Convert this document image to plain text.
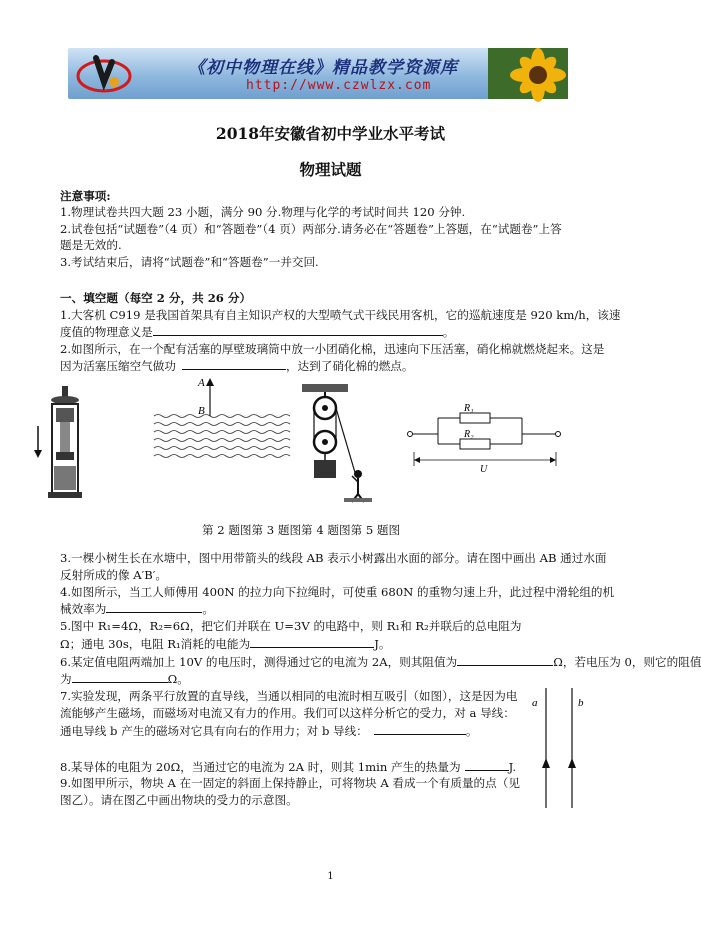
《初中物理在线》精品教学资源库
http://www.czwlzx.com
2018年安徽省初中学业水平考试
物理试题
注意事项:
1.物理试卷共四大题 23 小题，满分 90 分.物理与化学的考试时间共 120 分钟.
2.试卷包括“试题卷”（4 页）和“答题卷”（4 页）两部分.请务必在“答题卷”上答题，在“试题卷”上答
题是无效的.
3.考试结束后，请将“试题卷”和“答题卷”一并交回.
一、填空题（每空 2 分，共 26 分）
1.大客机 C919 是我国首架具有自主知识产权的大型喷气式干线民用客机，它的巡航速度是 920 km/h，该速
度值的物理意义是	。
2.如图所示，在一个配有活塞的厚壁玻璃筒中放一小团硝化棉，迅速向下压活塞，硝化棉就燃烧起来。这是
因为活塞压缩空气做功	，达到了硝化棉的燃点。
A
B	R₁
R₂
U
第 2 题图第 3 题图第 4 题图第 5 题图
3.一棵小树生长在水塘中，图中用带箭头的线段 AB 表示小树露出水面的部分。请在图中画出 AB 通过水面
反射所成的像 A′B′。
4.如图所示，当工人师傅用 400N 的拉力向下拉绳时，可使重 680N 的重物匀速上升，此过程中滑轮组的机
械效率为	。
5.图中 R₁=4Ω，R₂=6Ω，把它们并联在 U=3V 的电路中，则 R₁和 R₂并联后的总电阻为
Ω；通电 30s，电阻 R₁消耗的电能为	J。
6.某定值电阻两端加上 10V 的电压时，测得通过它的电流为 2A，则其阻值为	Ω，若电压为 0，则它的阻值
为	Ω。
7.实验发现，两条平行放置的直导线，当通以相同的电流时相互吸引（如图），这是因为电
流能够产生磁场，而磁场对电流又有力的作用。我们可以这样分析它的受力，对 a 导线：
通电导线 b 产生的磁场对它具有向右的作用力；对 b 导线：	。
a	b
8.某导体的电阻为 20Ω，当通过它的电流为 2A 时，则其 1min 产生的热量为	J.
9.如图甲所示，物块 A 在一固定的斜面上保持静止，可将物块 A 看成一个有质量的点（见
图乙）。请在图乙中画出物块的受力的示意图。
1
